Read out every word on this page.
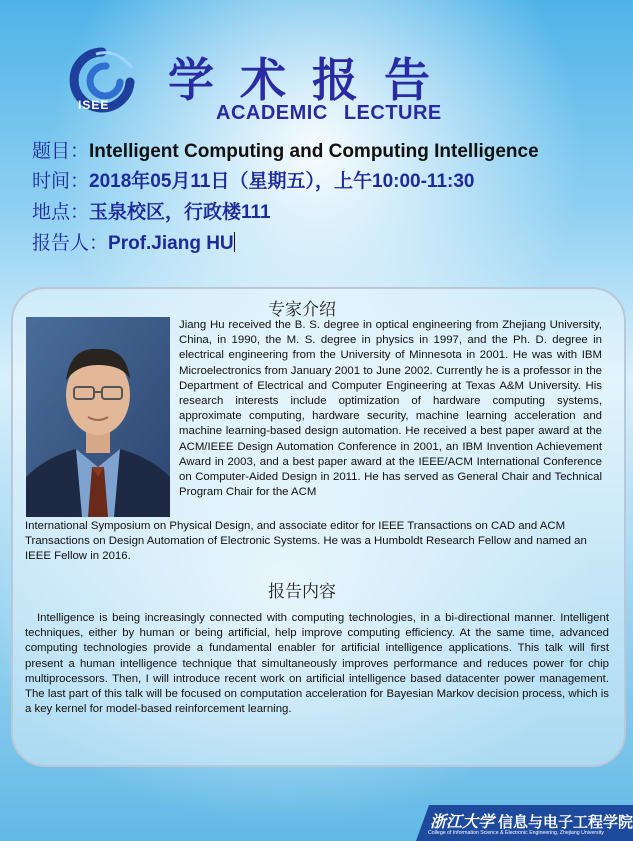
ISEE 学术报告
ACADEMIC LECTURE
题目：Intelligent Computing and Computing Intelligence
时间：2018年05月11日（星期五），上午10:00-11:30
地点：玉泉校区，行政楼111
报告人：Prof.Jiang HU
专家介绍
Jiang Hu received the B. S. degree in optical engineering from Zhejiang University, China, in 1990, the M. S. degree in physics in 1997, and the Ph. D. degree in electrical engineering from the University of Minnesota in 2001. He was with IBM Microelectronics from January 2001 to June 2002. Currently he is a professor in the Department of Electrical and Computer Engineering at Texas A&M University. His research interests include optimization of hardware computing systems, approximate computing, hardware security, machine learning acceleration and machine learning-based design automation. He received a best paper award at the ACM/IEEE Design Automation Conference in 2001, an IBM Invention Achievement Award in 2003, and a best paper award at the IEEE/ACM International Conference on Computer-Aided Design in 2011. He has served as General Chair and Technical Program Chair for the ACM
International Symposium on Physical Design, and associate editor for IEEE Transactions on CAD and ACM Transactions on Design Automation of Electronic Systems. He was a Humboldt Research Fellow and named an IEEE Fellow in 2016.
报告内容
Intelligence is being increasingly connected with computing technologies, in a bi-directional manner. Intelligent techniques, either by human or being artificial, help improve computing efficiency. At the same time, advanced computing technologies provide a fundamental enabler for artificial intelligence applications. This talk will first present a human intelligence technique that simultaneously improves performance and reduces power for chip multiprocessors. Then, I will introduce recent work on artificial intelligence based datacenter power management. The last part of this talk will be focused on computation acceleration for Bayesian Markov decision process, which is a key kernel for model-based reinforcement learning.
浙江大学 信息与电子工程学院
College of Information Science & Electronic Engineering, Zhejiang University
